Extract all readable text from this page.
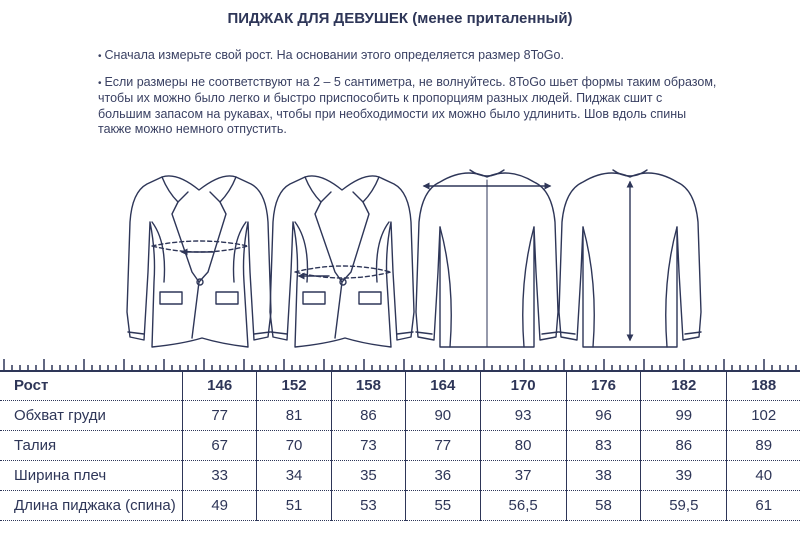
ПИДЖАК ДЛЯ ДЕВУШЕК (менее приталенный)

• Сначала измерьте свой рост. На основании этого определяется размер 8ToGo.

• Если размеры не соответствуют на 2 – 5 сантиметра, не волнуйтесь. 8ToGo шьет формы таким образом, чтобы их можно было легко и быстро приспособить к пропорциям разных людей. Пиджак сшит с большим запасом на рукавах, чтобы при необходимости их можно было удлинить. Шов вдоль спины также можно немного отпустить.

Рост	146	152	158	164	170	176	182	188
Обхват груди	77	81	86	90	93	96	99	102
Талия	67	70	73	77	80	83	86	89
Ширина плеч	33	34	35	36	37	38	39	40
Длина пиджака (спина)	49	51	53	55	56,5	58	59,5	61
